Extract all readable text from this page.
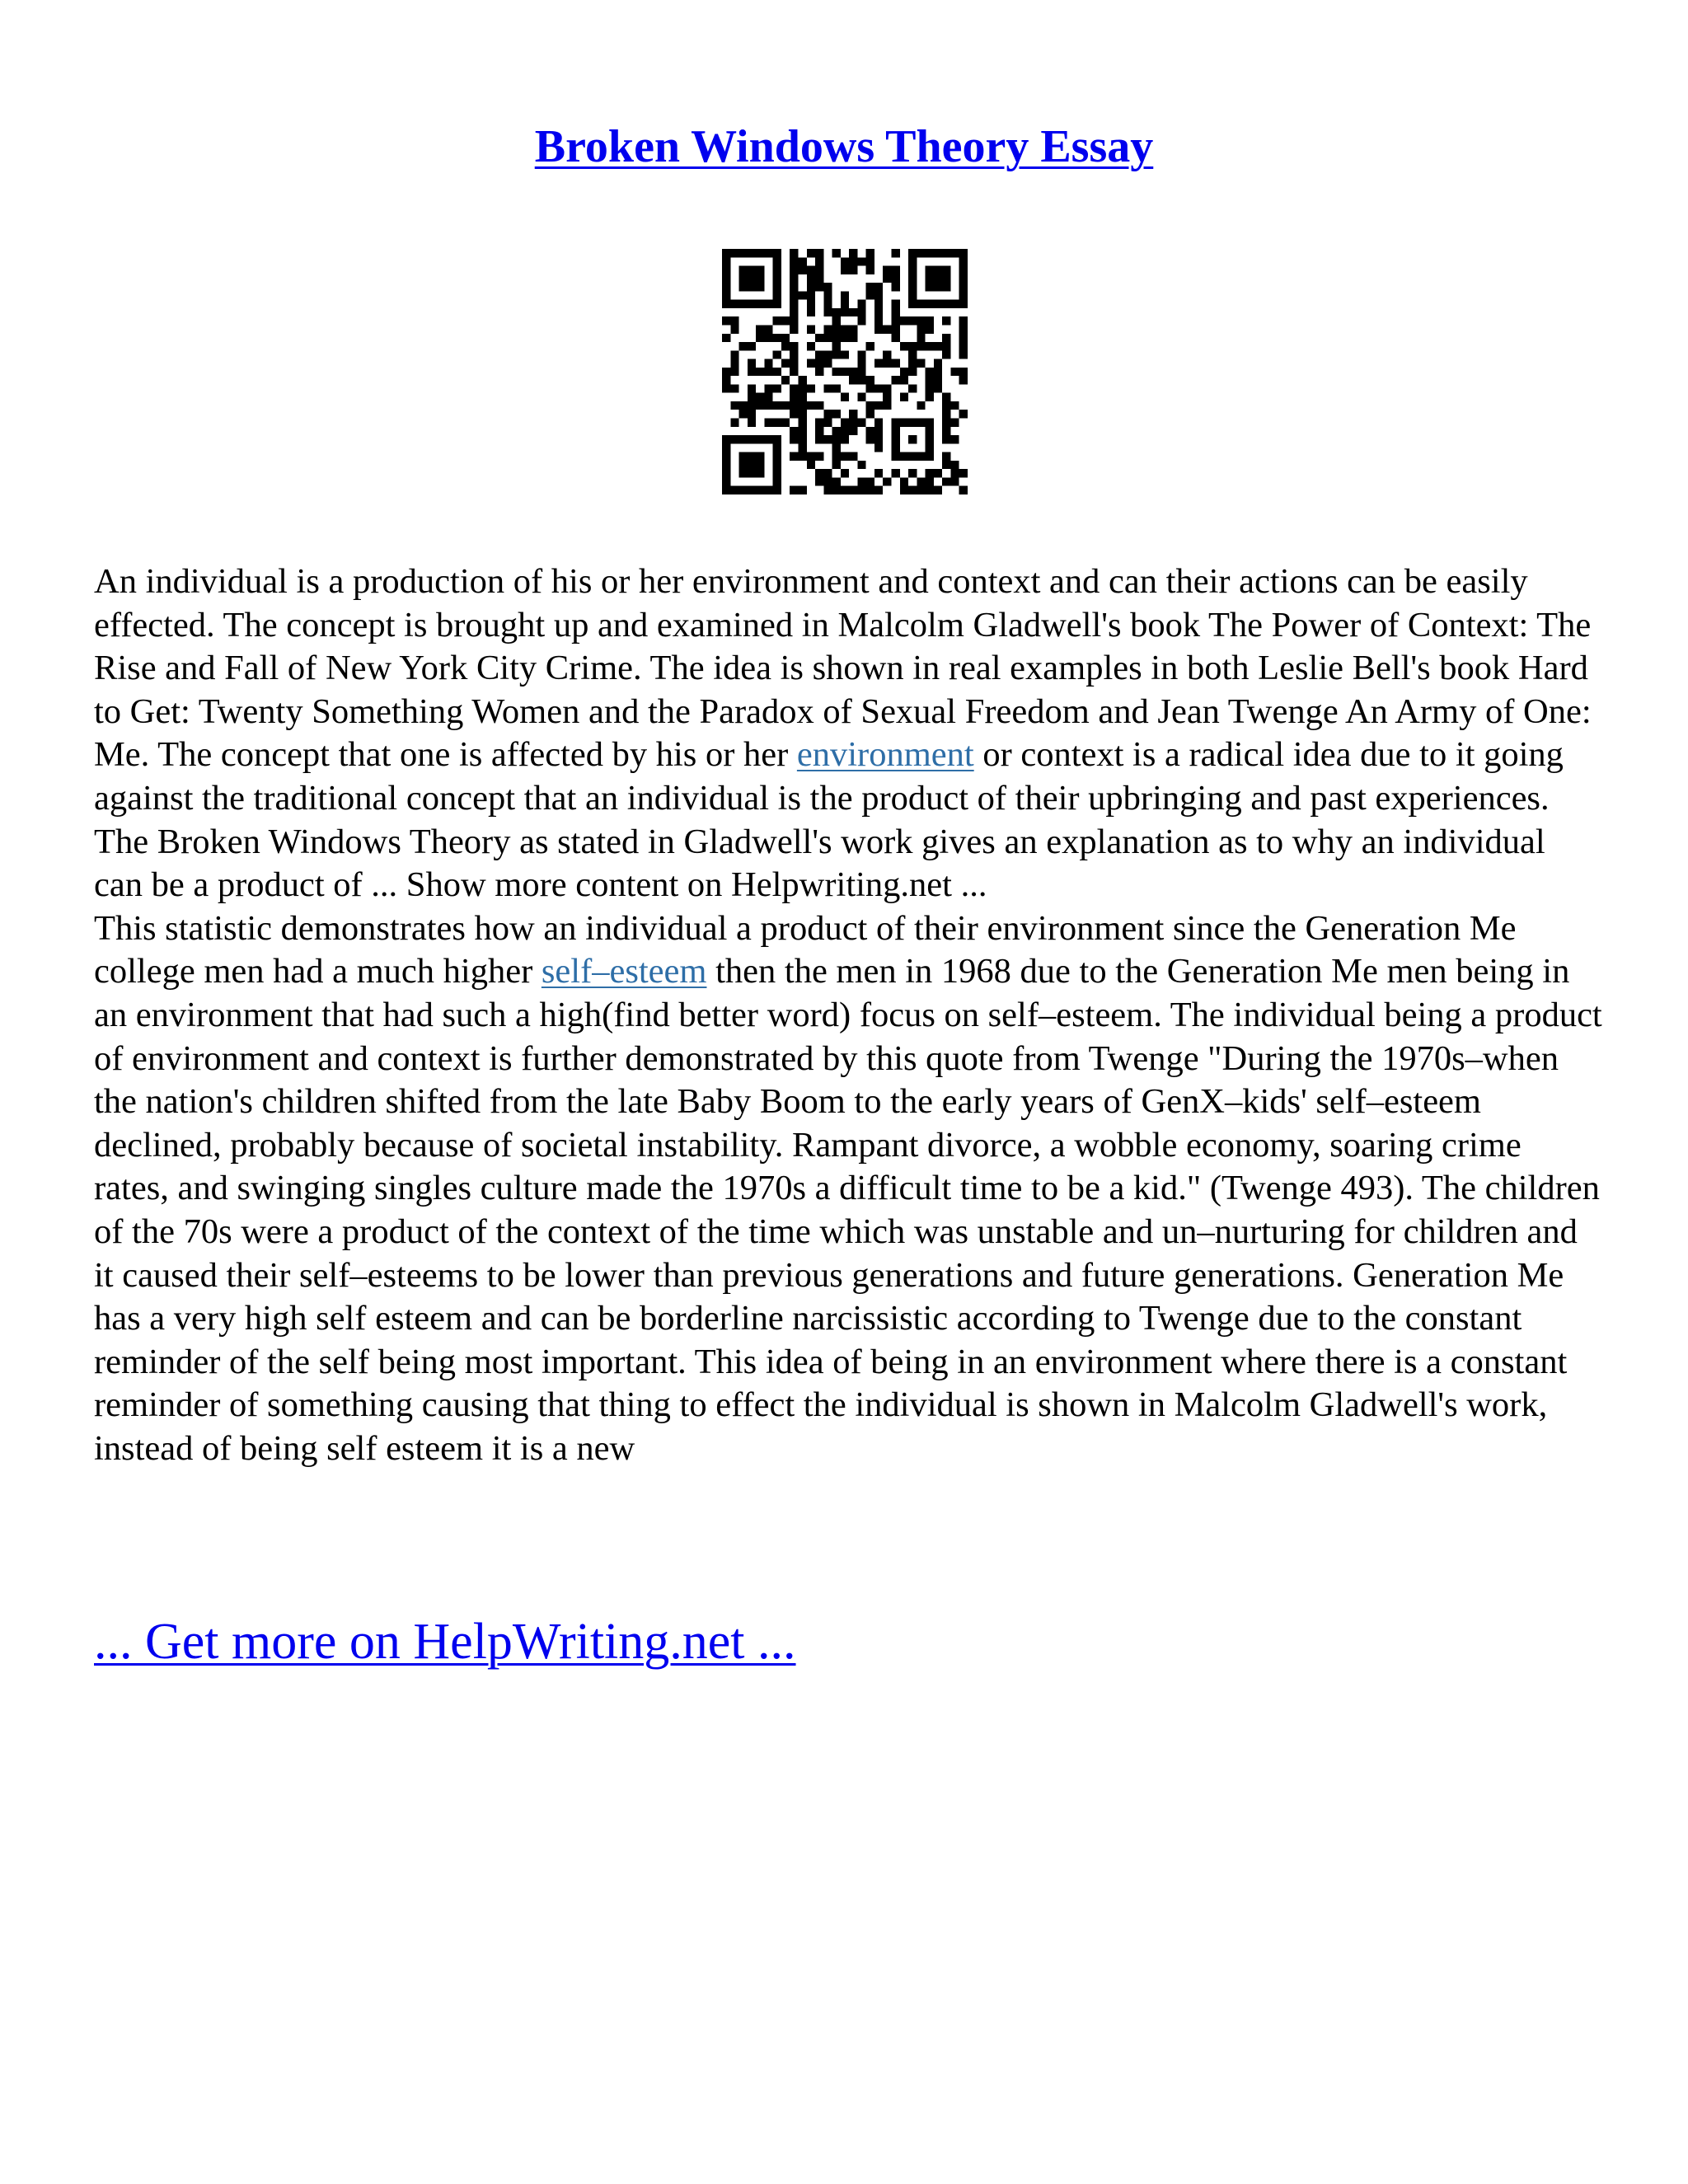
Broken Windows Theory Essay

An individual is a production of his or her environment and context and can their actions can be easily effected. The concept is brought up and examined in Malcolm Gladwell's book The Power of Context: The Rise and Fall of New York City Crime. The idea is shown in real examples in both Leslie Bell's book Hard to Get: Twenty Something Women and the Paradox of Sexual Freedom and Jean Twenge An Army of One: Me. The concept that one is affected by his or her environment or context is a radical idea due to it going against the traditional concept that an individual is the product of their upbringing and past experiences. The Broken Windows Theory as stated in Gladwell's work gives an explanation as to why an individual can be a product of ... Show more content on Helpwriting.net ...

This statistic demonstrates how an individual a product of their environment since the Generation Me college men had a much higher self–esteem then the men in 1968 due to the Generation Me men being in an environment that had such a high(find better word) focus on self–esteem. The individual being a product of environment and context is further demonstrated by this quote from Twenge "During the 1970s–when the nation's children shifted from the late Baby Boom to the early years of GenX–kids' self–esteem declined, probably because of societal instability. Rampant divorce, a wobble economy, soaring crime rates, and swinging singles culture made the 1970s a difficult time to be a kid." (Twenge 493). The children of the 70s were a product of the context of the time which was unstable and un–nurturing for children and it caused their self–esteems to be lower than previous generations and future generations. Generation Me has a very high self esteem and can be borderline narcissistic according to Twenge due to the constant reminder of the self being most important. This idea of being in an environment where there is a constant reminder of something causing that thing to effect the individual is shown in Malcolm Gladwell's work, instead of being self esteem it is a new

... Get more on HelpWriting.net ...
